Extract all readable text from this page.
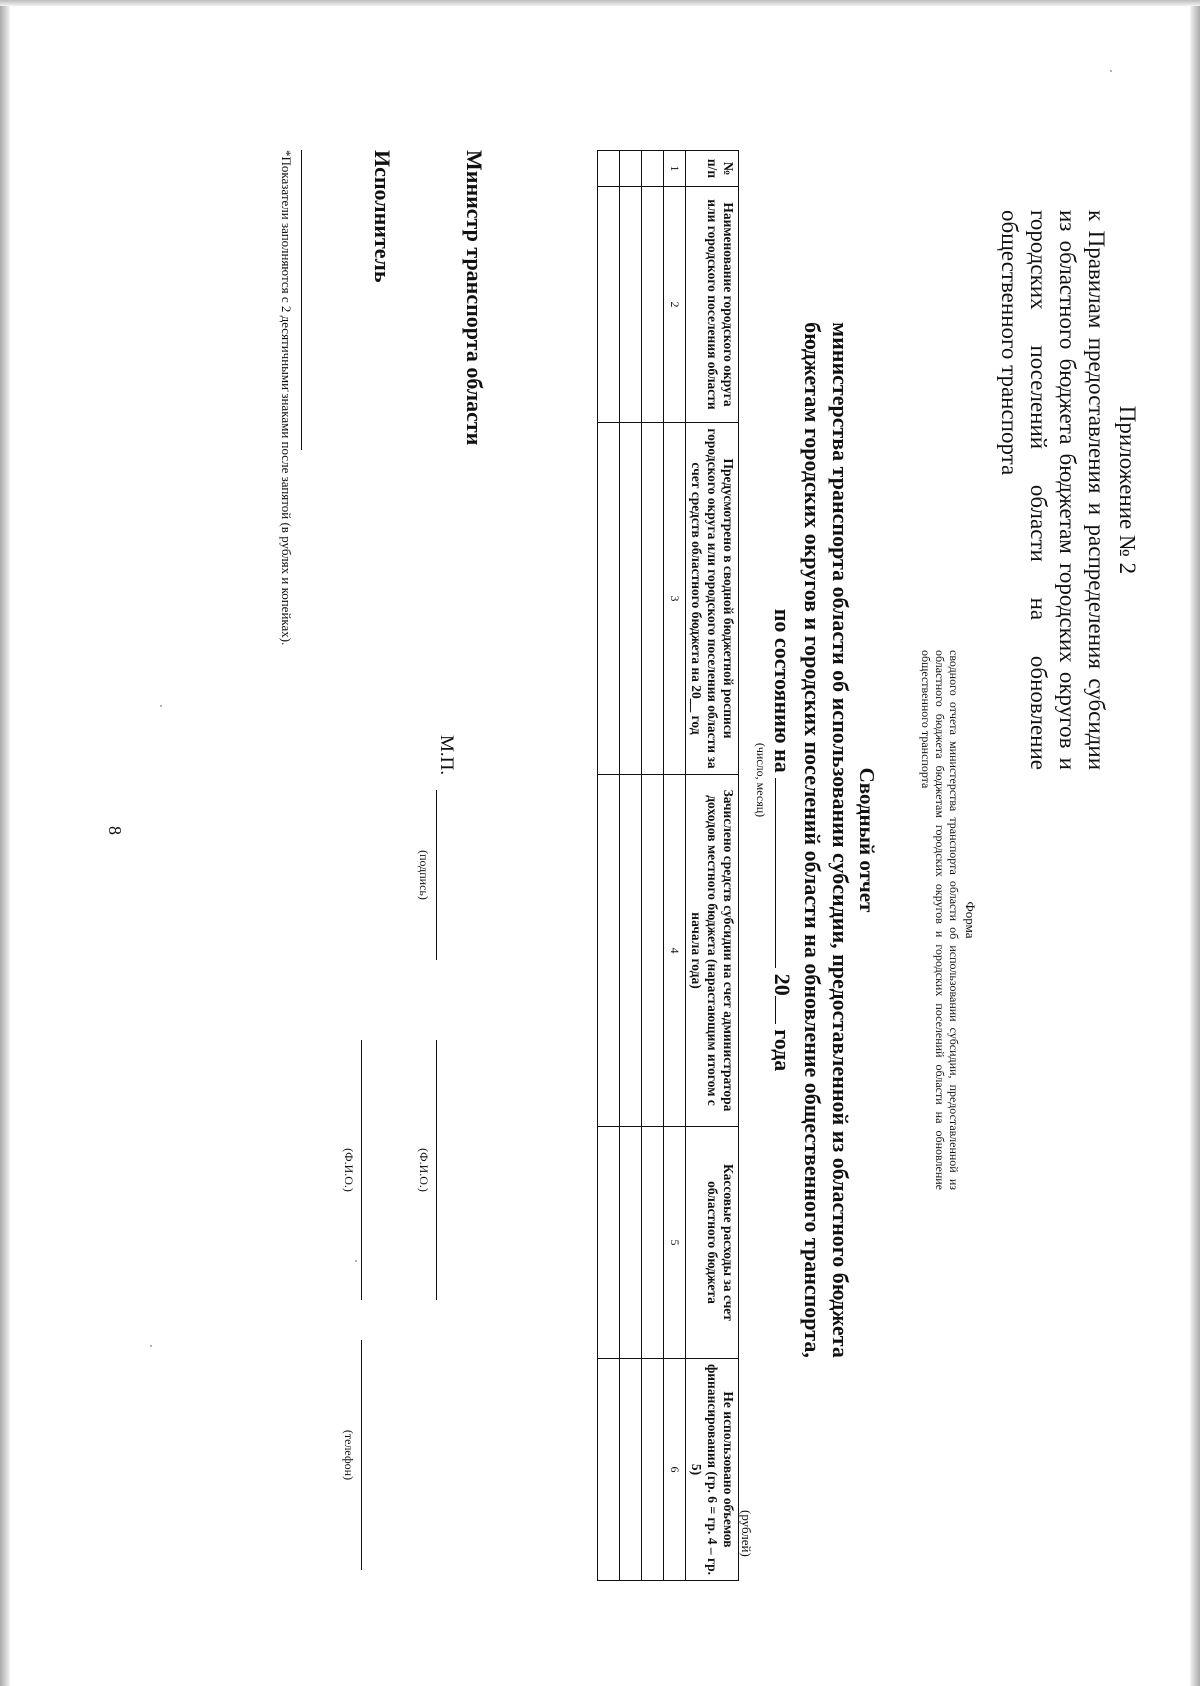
8
Приложение № 2
к Правилам предоставления и распределения субсидии из областного бюджета бюджетам городских округов и городских поселений области на обновление общественного транспорта
Форма
сводного отчета министерства транспорта области об использовании субсидии, предоставленной из областного бюджета бюджетам городских округов и городских поселений области на обновление общественного транспорта
Сводный отчет
министерства транспорта области об использовании субсидии, предоставленной из областного бюджета
бюджетам городских округов и городских поселений области на обновление общественного транспорта,
по состоянию на  20 года
(число, месяц)
(рублей)
№ п/п	Наименование городского округа или городского поселения области	Предусмотрено в сводной бюджетной росписи городского округа или городского поселения области за счет средств областного бюджета на 20__ год	Зачислено средств субсидии на счет администратора доходов местного бюджета (нарастающим итогом с начала года)	Кассовые расходы за счет областного бюджета	Не использовано объемов финансирования (гр. 6 = гр. 4 – гр. 5)
1	2	3	4	5	6

Министр транспорта области
М.П.
(подпись)
(Ф.И.О.)
Исполнитель
(Ф.И.О.)
(телефон)
*Показатели заполняются с 2 десятичными знаками после запятой (в рублях и копейках).
